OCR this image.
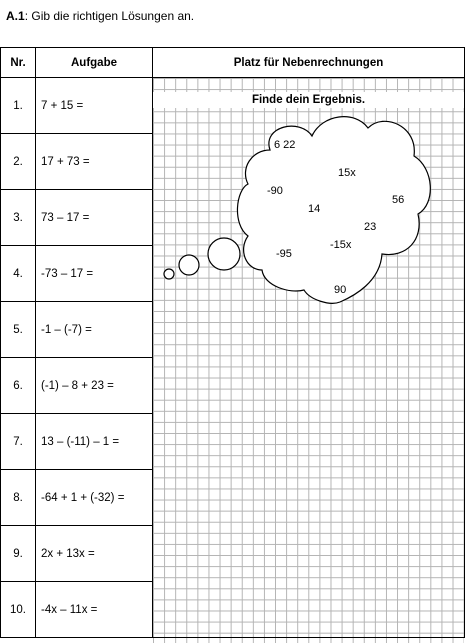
A.1: Gib die richtigen Lösungen an.
Nr.	Aufgabe	Platz für Nebenrechnungen
1.	7 + 15 =	
2.	17 + 73 =	
3.	73 – 17 =	
4.	-73 – 17 =	
5.	-1 – (-7) =	
6.	(-1) – 8 + 23 =	
7.	13 – (-11) – 1 =	
8.	-64 + 1 + (-32) =	
9.	2x + 13x =	
10.	-4x – 11x =	
Finde dein Ergebnis.
6 22
15x
-90
56
14
23
-15x
-95
90
